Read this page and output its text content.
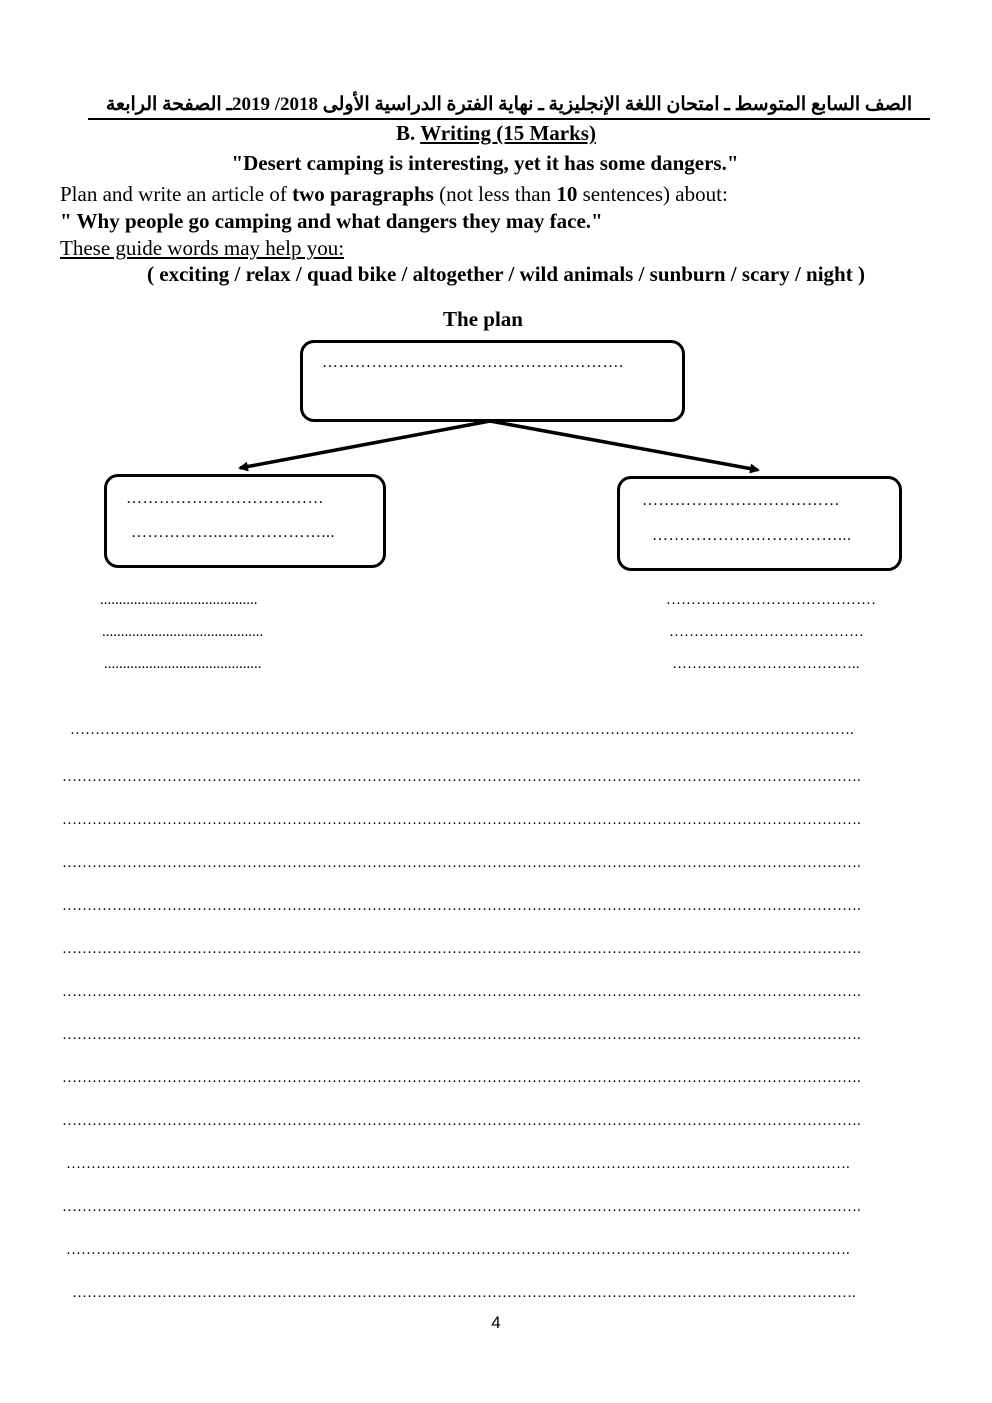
الصف السابع المتوسط ـ امتحان اللغة الإنجليزية ـ نهاية الفترة الدراسية الأولى 2018/ 2019ـ الصفحة الرابعة
B. Writing (15 Marks)
"Desert camping is interesting, yet it has some dangers."
Plan and write an article of two paragraphs (not less than 10 sentences) about:
" Why people go camping and what dangers they may face."
These guide words may help you:
( exciting / relax / quad bike / altogether / wild animals / sunburn / scary / night )
The plan
……………………………………………….
………………………………
……………..………………...
………………………………
……………….……………...
..........................................
...........................................
..........................................
……………………………………
…………………………………
………………………………..
………………………………………………………………………………………………………………………………………….
…………………………………………………………………………………………………………………………………………….
…………………………………………………………………………………………………………………………………………….
…………………………………………………………………………………………………………………………………………….
…………………………………………………………………………………………………………………………………………….
…………………………………………………………………………………………………………………………………………….
…………………………………………………………………………………………………………………………………………….
…………………………………………………………………………………………………………………………………………….
…………………………………………………………………………………………………………………………………………….
…………………………………………………………………………………………………………………………………………….
………………………………………………………………………………………………………………………………………….
…………………………………………………………………………………………………………………………………………….
………………………………………………………………………………………………………………………………………….
………………………………………………………………………………………………………………………………………….
4
